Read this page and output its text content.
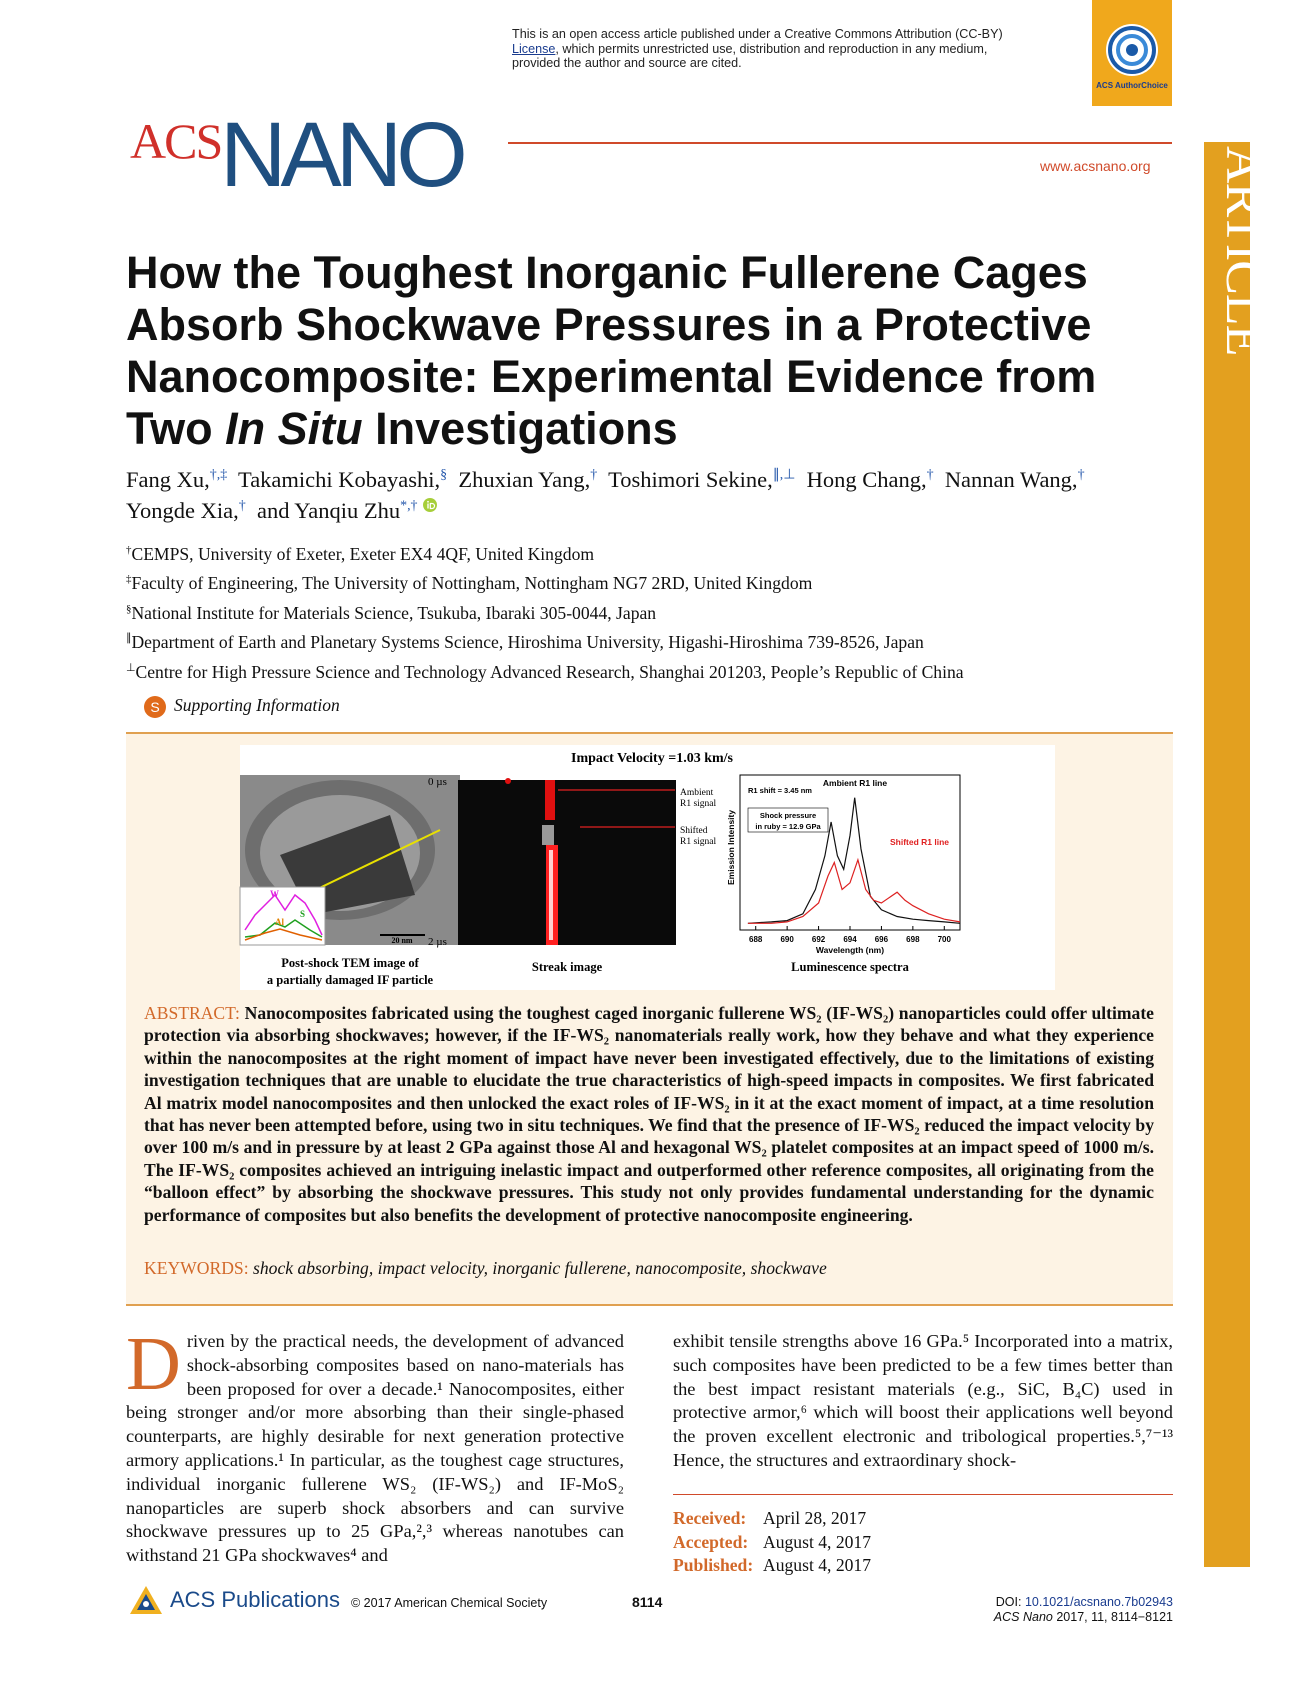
This is an open access article published under a Creative Commons Attribution (CC-BY)
License, which permits unrestricted use, distribution and reproduction in any medium,
provided the author and source are cited.
ACS AuthorChoice
ACS
NANO	www.acsnano.org ARTICLE
How the Toughest Inorganic Fullerene Cages
Absorb Shockwave Pressures in a Protective
Nanocomposite: Experimental Evidence from
Two In Situ Investigations
Fang Xu,†,‡ Takamichi Kobayashi,§ Zhuxian Yang,† Toshimori Sekine,∥,⊥ Hong Chang,† Nannan Wang,†
Yongde Xia,† and Yanqiu Zhu*,†
†CEMPS, University of Exeter, Exeter EX4 4QF, United Kingdom
‡Faculty of Engineering, The University of Nottingham, Nottingham NG7 2RD, United Kingdom
§National Institute for Materials Science, Tsukuba, Ibaraki 305-0044, Japan
∥Department of Earth and Planetary Systems Science, Hiroshima University, Higashi-Hiroshima 739-8526, Japan
⊥Centre for High Pressure Science and Technology Advanced Research, Shanghai 201203, People’s Republic of China
S Supporting Information
Impact Velocity =1.03 km/s
W
Al
S
20 nm
Post-shock TEM image of
a partially damaged IF particle
0 µs
2 µs
Streak image
Ambient
R1 signal
Shifted
R1 signal
688 690 692 694 696 698 700
Ambient R1 line
R1 shift = 3.45 nm
Shock pressure
in ruby = 12.9 GPa
Shifted R1 line
Emission Intensity
Wavelength (nm)
Luminescence spectra
ABSTRACT: Nanocomposites fabricated using the toughest caged inorganic fullerene WS₂ (IF-WS₂) nanoparticles could offer ultimate protection via absorbing shockwaves; however, if the IF-WS₂ nanomaterials really work, how they behave and what they experience within the nanocomposites at the right moment of impact have never been investigated effectively, due to the limitations of existing investigation techniques that are unable to elucidate the true characteristics of high-speed impacts in composites. We first fabricated Al matrix model nanocomposites and then unlocked the exact roles of IF-WS₂ in it at the exact moment of impact, at a time resolution that has never been attempted before, using two in situ techniques. We find that the presence of IF-WS₂ reduced the impact velocity by over 100 m/s and in pressure by at least 2 GPa against those Al and hexagonal WS₂ platelet composites at an impact speed of 1000 m/s. The IF-WS₂ composites achieved an intriguing inelastic impact and outperformed other reference composites, all originating from the “balloon effect” by absorbing the shockwave pressures. This study not only provides fundamental understanding for the dynamic performance of composites but also benefits the development of protective nanocomposite engineering.
KEYWORDS: shock absorbing, impact velocity, inorganic fullerene, nanocomposite, shockwave
Driven by the practical needs, the development of advanced shock-absorbing composites based on nano-materials has been proposed for over a decade.¹ Nanocomposites, either being stronger and/or more absorbing than their single-phased counterparts, are highly desirable for next generation protective armory applications.¹ In particular, as the toughest cage structures, individual inorganic fullerene WS₂ (IF-WS₂) and IF-MoS₂ nanoparticles are superb shock absorbers and can survive shockwave pressures up to 25 GPa,²,³ whereas nanotubes can withstand 21 GPa shockwaves⁴ and
exhibit tensile strengths above 16 GPa.⁵ Incorporated into a matrix, such composites have been predicted to be a few times better than the best impact resistant materials (e.g., SiC, B₄C) used in protective armor,⁶ which will boost their applications well beyond the proven excellent electronic and tribological properties.⁵,⁷⁻¹³ Hence, the structures and extraordinary shock-
Received: April 28, 2017
Accepted: August 4, 2017
Published: August 4, 2017
ACS Publications © 2017 American Chemical Society	8114	DOI: 10.1021/acsnano.7b02943
ACS Nano 2017, 11, 8114−8121
